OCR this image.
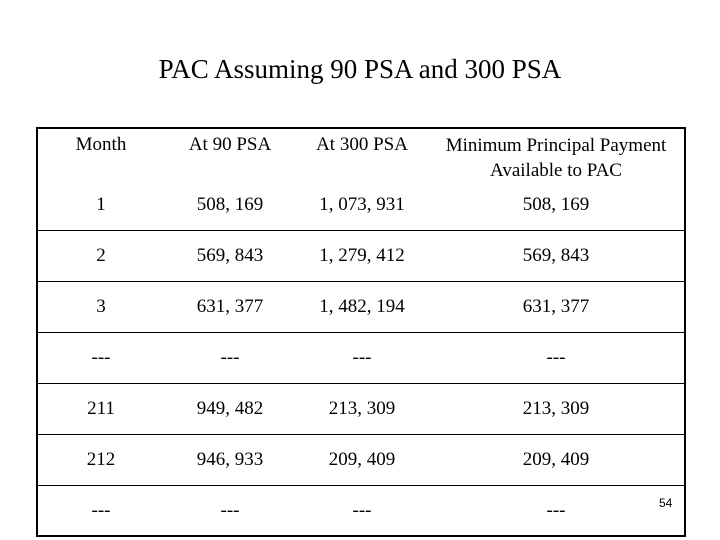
PAC Assuming 90 PSA and 300 PSA
Month	At 90 PSA	At 300 PSA	Minimum Principal Payment Available to PAC
1	508, 169	1, 073, 931	508, 169
2	569, 843	1, 279, 412	569, 843
3	631, 377	1, 482, 194	631, 377
---	---	---	---
211	949, 482	213, 309	213, 309
212	946, 933	209, 409	209, 409
---	---	---	---	54
